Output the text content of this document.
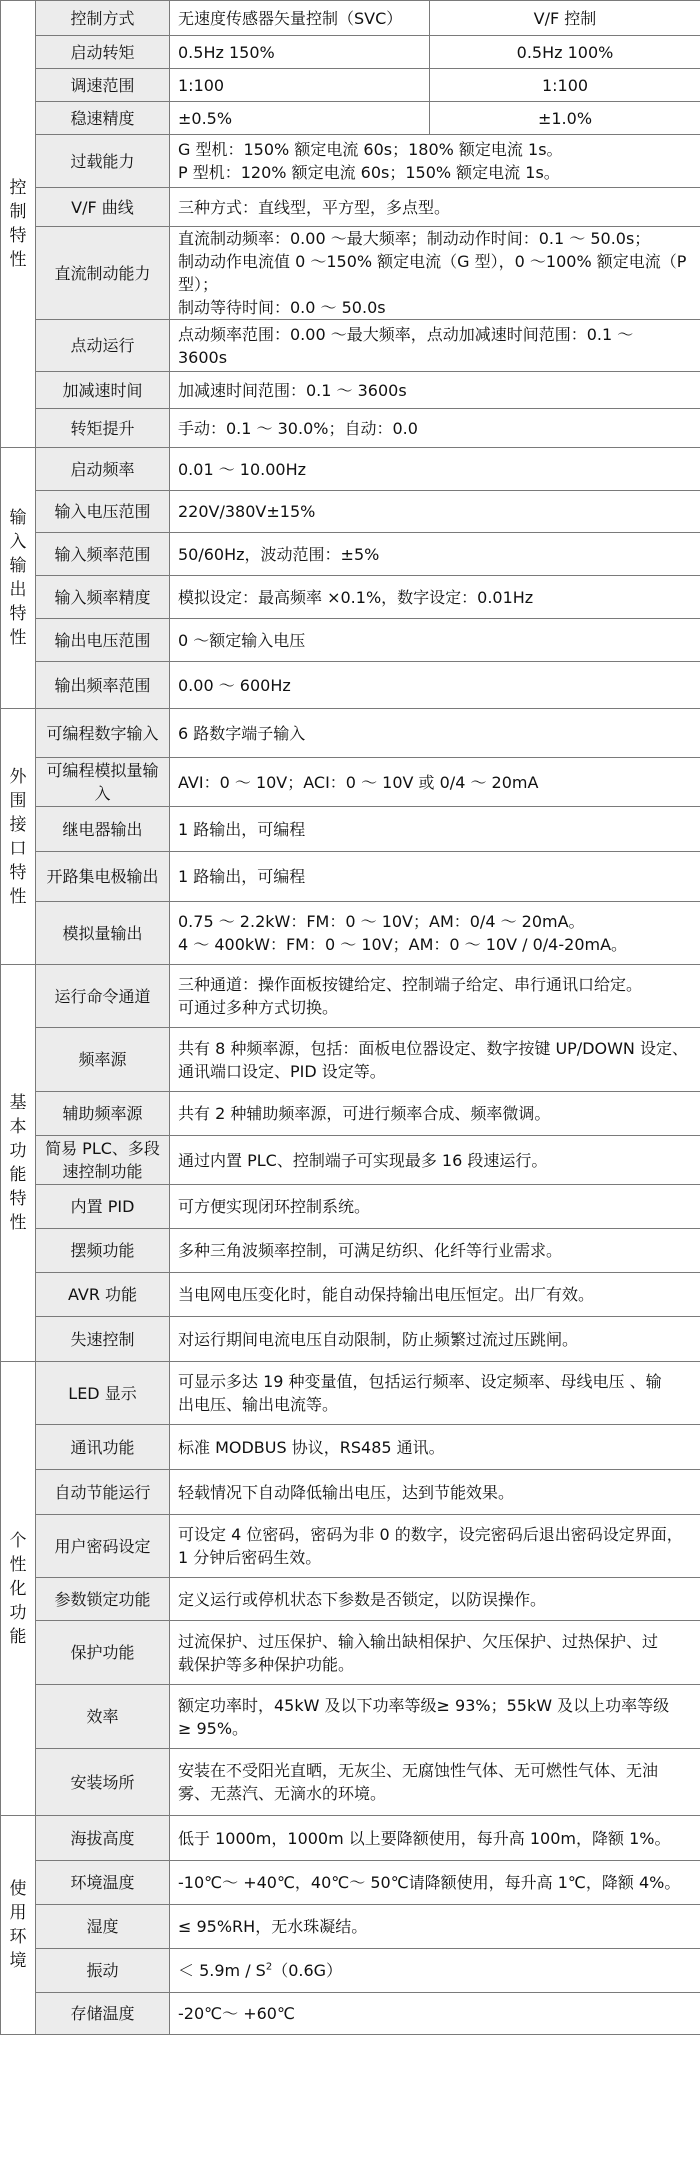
控制特性	控制方式	无速度传感器矢量控制（SVC）	V/F 控制
	启动转矩	0.5Hz 150%	0.5Hz 100%
	调速范围	1:100	1:100
	稳速精度	±0.5%	±1.0%
	过载能力	G 型机：150% 额定电流 60s；180% 额定电流 1s。
P 型机：120% 额定电流 60s；150% 额定电流 1s。	

	V/F 曲线	三种方式：直线型，平方型，多点型。	

	直流制动能力	直流制动频率：0.00 ～最大频率；制动动作时间：0.1 ～ 50.0s；
制动动作电流值 0 ～150% 额定电流（G 型），0 ～100% 额定电流（P 型）；
制动等待时间：0.0 ～ 50.0s	

	点动运行	点动频率范围：0.00 ～最大频率，点动加减速时间范围：0.1 ～
3600s	

	加减速时间	加减速时间范围：0.1 ～ 3600s	

	转矩提升	手动：0.1 ～ 30.0%；自动：0.0	

输入输出特性	启动频率	0.01 ～ 10.00Hz	

	输入电压范围	220V/380V±15%	

	输入频率范围	50/60Hz，波动范围：±5%	

	输入频率精度	模拟设定：最高频率 ×0.1%，数字设定：0.01Hz	

	输出电压范围	0 ～额定输入电压	

	输出频率范围	0.00 ～ 600Hz	

外围接口特性	可编程数字输入	6 路数字端子输入	

	可编程模拟量输入	AVI：0 ～ 10V；ACI：0 ～ 10V 或 0/4 ～ 20mA	

	继电器输出	1 路输出，可编程	

	开路集电极输出	1 路输出，可编程	

	模拟量输出	0.75 ～ 2.2kW：FM：0 ～ 10V；AM：0/4 ～ 20mA。
4 ～ 400kW：FM：0 ～ 10V；AM：0 ～ 10V / 0/4-20mA。	

基本功能特性	运行命令通道	三种通道：操作面板按键给定、控制端子给定、串行通讯口给定。
可通过多种方式切换。	

	频率源	共有 8 种频率源，包括：面板电位器设定、数字按键 UP/DOWN 设定、
通讯端口设定、PID 设定等。	

	辅助频率源	共有 2 种辅助频率源，可进行频率合成、频率微调。	

	简易 PLC、多段速控制功能	通过内置 PLC、控制端子可实现最多 16 段速运行。	

	内置 PID	可方便实现闭环控制系统。	

	摆频功能	多种三角波频率控制，可满足纺织、化纤等行业需求。	

	AVR 功能	当电网电压变化时，能自动保持输出电压恒定。出厂有效。	

	失速控制	对运行期间电流电压自动限制，防止频繁过流过压跳闸。	

个性化功能	LED 显示	可显示多达 19 种变量值，包括运行频率、设定频率、母线电压 、输
出电压、输出电流等。	

	通讯功能	标准 MODBUS 协议，RS485 通讯。	

	自动节能运行	轻载情况下自动降低输出电压，达到节能效果。	

	用户密码设定	可设定 4 位密码，密码为非 0 的数字，设完密码后退出密码设定界面，
1 分钟后密码生效。	

	参数锁定功能	定义运行或停机状态下参数是否锁定，以防误操作。	

	保护功能	过流保护、过压保护、输入输出缺相保护、欠压保护、过热保护、过
载保护等多种保护功能。	

	效率	额定功率时，45kW 及以下功率等级≥ 93%；55kW 及以上功率等级
≥ 95%。	

	安装场所	安装在不受阳光直晒，无灰尘、无腐蚀性气体、无可燃性气体、无油
雾、无蒸汽、无滴水的环境。	

使用环境	海拔高度	低于 1000m，1000m 以上要降额使用，每升高 100m，降额 1%。	

	环境温度	-10℃～ +40℃，40℃～ 50℃请降额使用，每升高 1℃，降额 4%。	

	湿度	≤ 95%RH，无水珠凝结。	

	振动	＜ $5.9m / S^2(0.6G)$	
	存储温度	-20℃～ +60℃	
